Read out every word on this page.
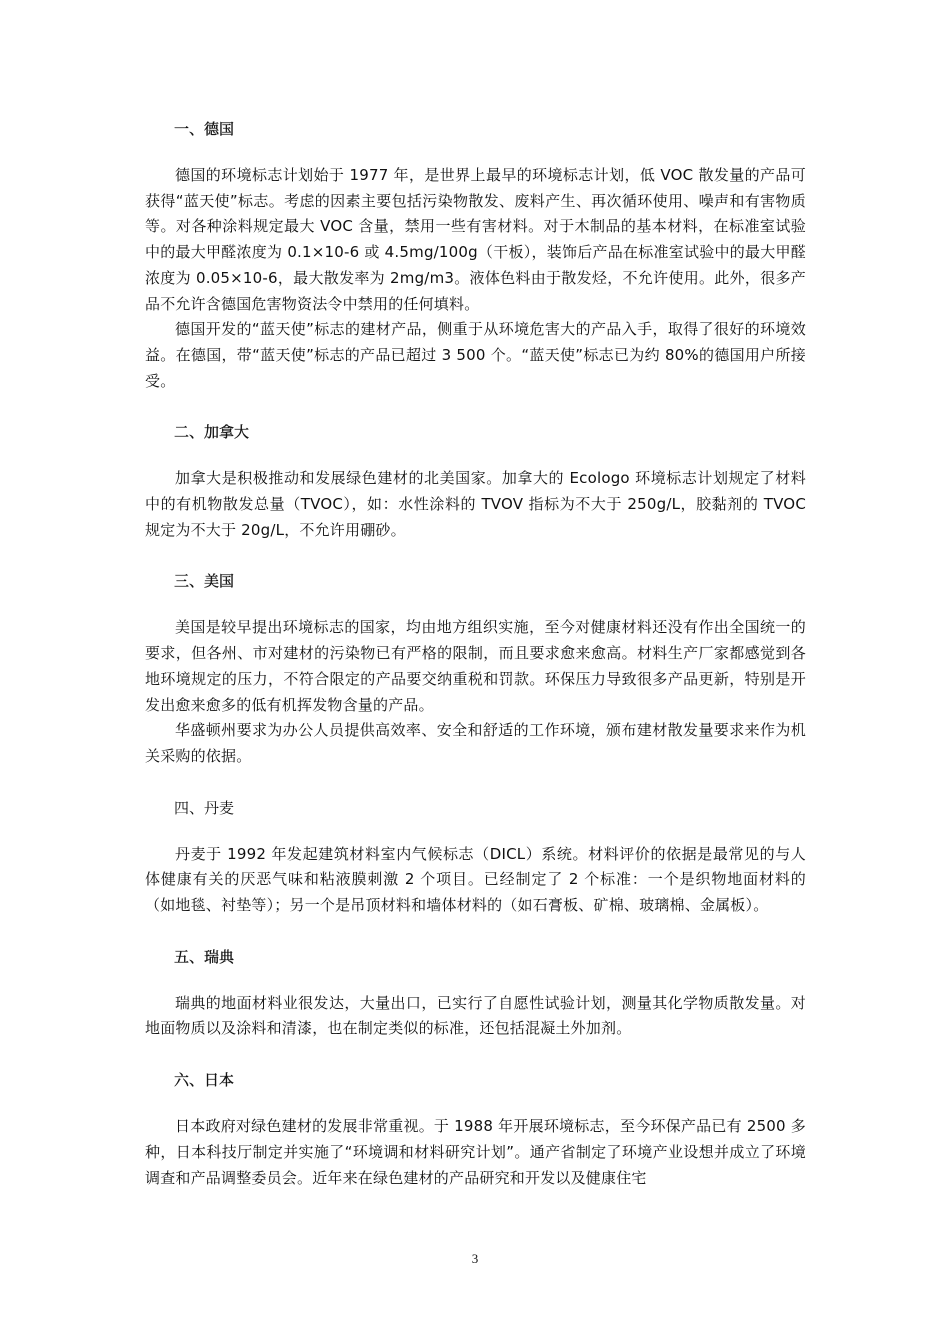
一、德国

德国的环境标志计划始于 1977 年，是世界上最早的环境标志计划，低 VOC 散发量的产品可获得“蓝天使”标志。考虑的因素主要包括污染物散发、废料产生、再次循环使用、噪声和有害物质等。对各种涂料规定最大 VOC 含量，禁用一些有害材料。对于木制品的基本材料，在标准室试验中的最大甲醛浓度为 0.1×10-6 或 4.5mg/100g（干板），装饰后产品在标准室试验中的最大甲醛浓度为 0.05×10-6，最大散发率为 2mg/m3。液体色料由于散发烃，不允许使用。此外，很多产品不允许含德国危害物资法令中禁用的任何填料。

德国开发的“蓝天使”标志的建材产品，侧重于从环境危害大的产品入手，取得了很好的环境效益。在德国，带“蓝天使”标志的产品已超过 3 500 个。“蓝天使”标志已为约 80%的德国用户所接受。

二、加拿大

加拿大是积极推动和发展绿色建材的北美国家。加拿大的 Ecologo 环境标志计划规定了材料中的有机物散发总量（TVOC），如：水性涂料的 TVOV 指标为不大于 250g/L，胶黏剂的 TVOC 规定为不大于 20g/L，不允许用硼砂。

三、美国

美国是较早提出环境标志的国家，均由地方组织实施，至今对健康材料还没有作出全国统一的要求，但各州、市对建材的污染物已有严格的限制，而且要求愈来愈高。材料生产厂家都感觉到各地环境规定的压力，不符合限定的产品要交纳重税和罚款。环保压力导致很多产品更新，特别是开发出愈来愈多的低有机挥发物含量的产品。

华盛顿州要求为办公人员提供高效率、安全和舒适的工作环境，颁布建材散发量要求来作为机关采购的依据。

四、丹麦

丹麦于 1992 年发起建筑材料室内气候标志（DICL）系统。材料评价的依据是最常见的与人体健康有关的厌恶气味和粘液膜刺激 2 个项目。已经制定了 2 个标准：一个是织物地面材料的（如地毯、衬垫等）；另一个是吊顶材料和墙体材料的（如石膏板、矿棉、玻璃棉、金属板）。

五、瑞典

瑞典的地面材料业很发达，大量出口，已实行了自愿性试验计划，测量其化学物质散发量。对地面物质以及涂料和清漆，也在制定类似的标准，还包括混凝土外加剂。

六、日本

日本政府对绿色建材的发展非常重视。于 1988 年开展环境标志，至今环保产品已有 2500 多种，日本科技厅制定并实施了“环境调和材料研究计划”。通产省制定了环境产业设想并成立了环境调查和产品调整委员会。近年来在绿色建材的产品研究和开发以及健康住宅

3
